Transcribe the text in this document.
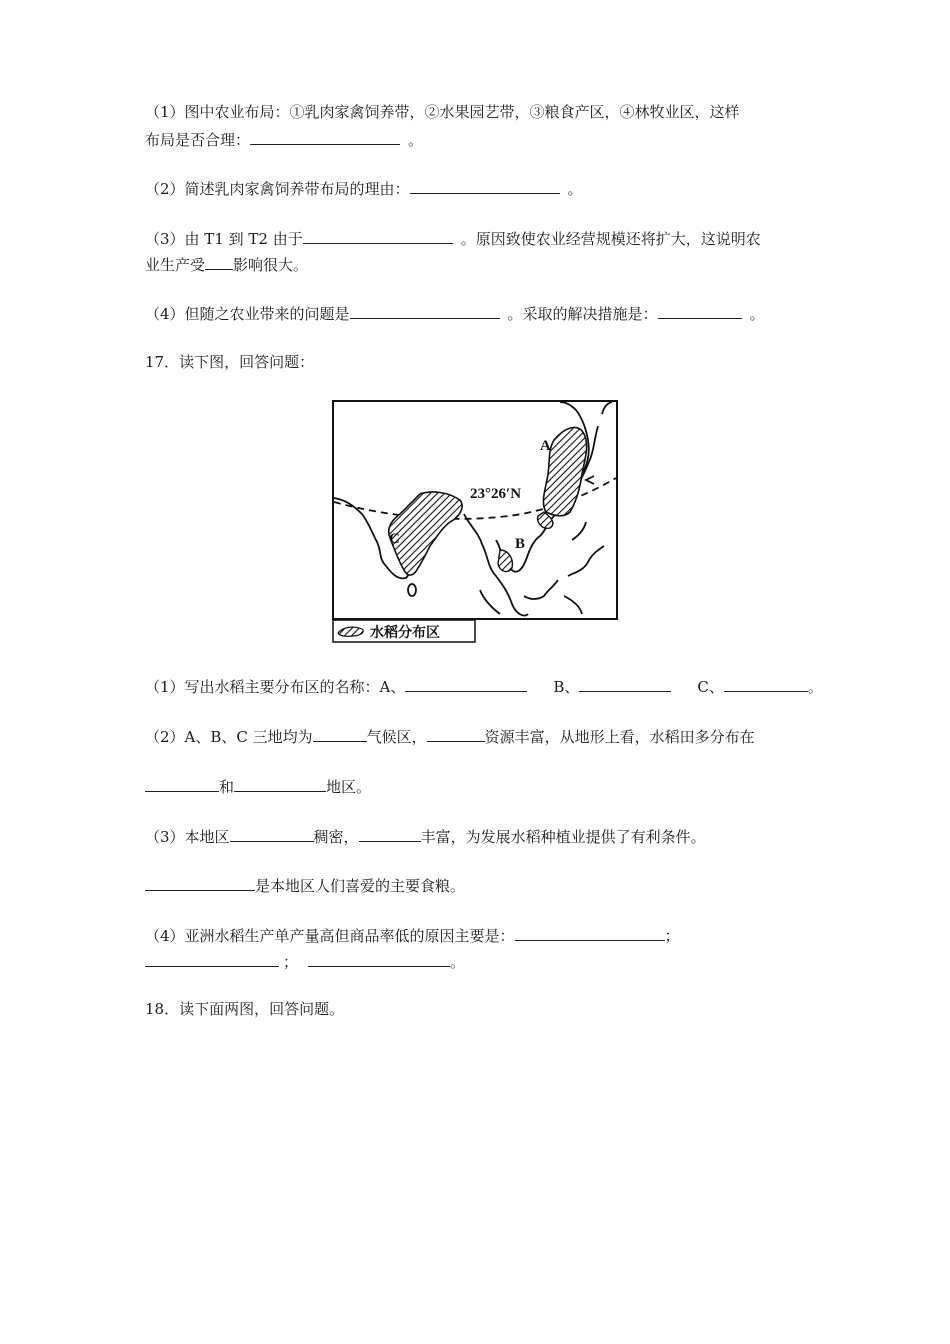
（1）图中农业布局：①乳肉家禽饲养带，②水果园艺带，③粮食产区，④林牧业区，这样
布局是否合理：	。
（2）简述乳肉家禽饲养带布局的理由：	。
（3）由 T1 到 T2 由于	。原因致使农业经营规模还将扩大，这说明农
业生产受 影响很大。
（4）但随之农业带来的问题是	。采取的解决措施是：	。
17．读下图，回答问题：
A
B
C
23°26′N
水稻分布区
（1）写出水稻主要分布区的名称：A、	B、	C、	。
（2）A、B、C 三地均为	气候区，	资源丰富，从地形上看，水稻田多分布在
和	地区。
（3）本地区	稠密，	丰富，为发展水稻种植业提供了有利条件。
是本地区人们喜爱的主要食粮。
（4）亚洲水稻生产单产量高但商品率低的原因主要是：	；
；	。
18．读下面两图，回答问题。
